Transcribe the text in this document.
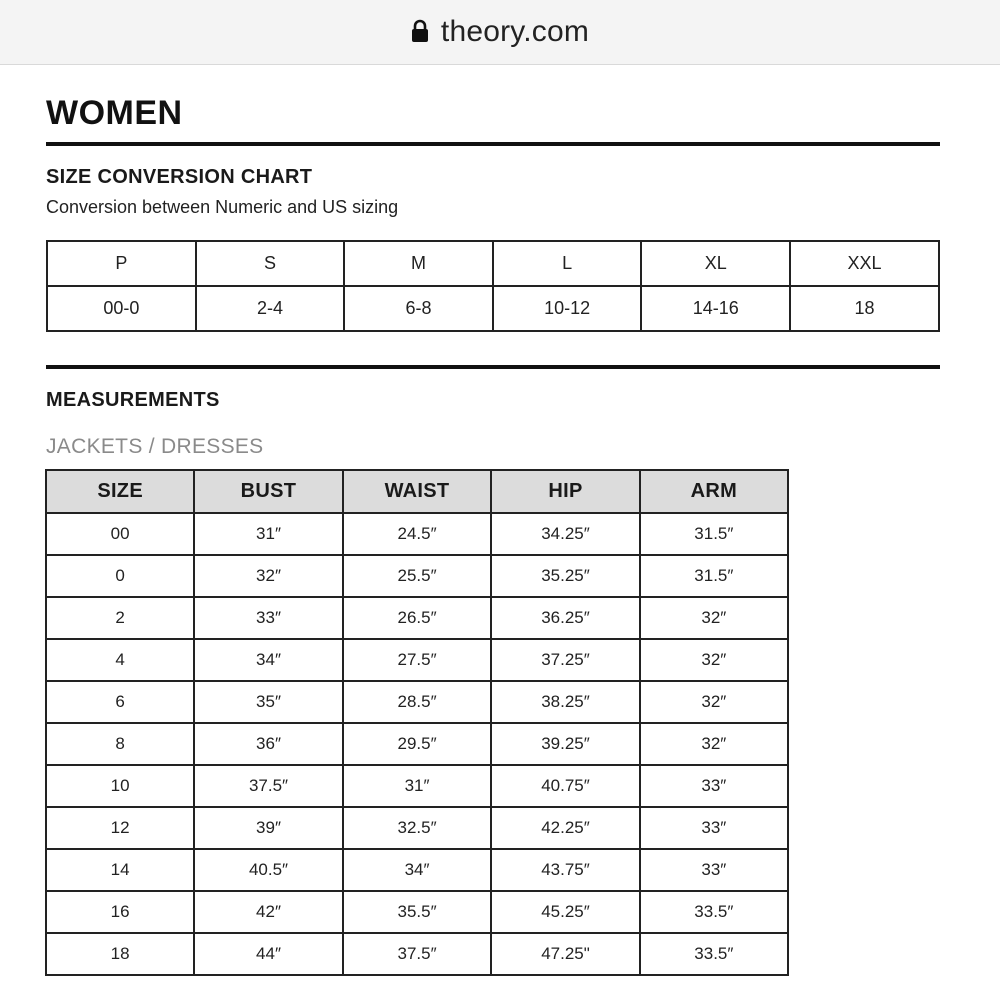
theory.com
WOMEN
SIZE CONVERSION CHART
Conversion between Numeric and US sizing
P	S	M	L	XL	XXL
00-0	2-4	6-8	10-12	14-16	18
MEASUREMENTS
JACKETS / DRESSES
SIZE	BUST	WAIST	HIP	ARM
00	31″	24.5″	34.25″	31.5″
0	32″	25.5″	35.25″	31.5″
2	33″	26.5″	36.25″	32″
4	34″	27.5″	37.25″	32″
6	35″	28.5″	38.25″	32″
8	36″	29.5″	39.25″	32″
10	37.5″	31″	40.75″	33″
12	39″	32.5″	42.25″	33″
14	40.5″	34″	43.75″	33″
16	42″	35.5″	45.25″	33.5″
18	44″	37.5″	47.25"	33.5″
